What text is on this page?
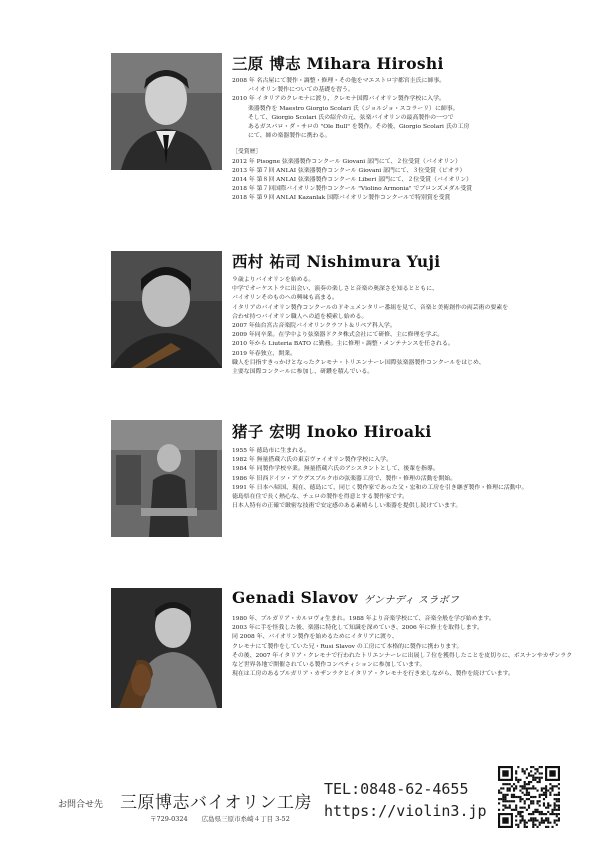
三原 博志 Mihara Hiroshi
2008 年 名古屋にて製作・調整・修理・その他をマエストロ宇都宮圭氏に師事。
バイオリン製作についての基礎を習う。
2010 年 イタリアのクレモナに渡り、クレモナ国際バイオリン製作学校に入学。
楽器製作を Maestro Giorgio Scolari 氏（ジョルジョ・スコラーリ）に師事。
そして、Giorgio Scolari 氏の紹介の元、弦楽バイオリンの最高製作の一つで
あるガスパロ・ダ・サロの "Ole Bull" を製作。その後、Giorgio Scolari 氏の工房
にて、師の楽器製作に携わる。
［受賞歴］
2012 年 Pisogne 弦楽器製作コンクール Giovani 部門にて、２位受賞（バイオリン）
2013 年 第７回 ANLAI 弦楽器製作コンクール Giovani 部門にて、３位受賞（ビオラ）
2014 年 第８回 ANLAI 弦楽器製作コンクール Liberi 部門にて、２位受賞（バイオリン）
2018 年 第７回国際バイオリン製作コンクール "Violino Armonia" でブロンズメダル受賞
2018 年 第９回 ANLAI Kazanlak 国際バイオリン製作コンクールで特別賞を受賞
西村 祐司 Nishimura Yuji
９歳よりバイオリンを始める。
中学でオーケストラに出会い、演奏の楽しさと音楽の奥深さを知るとともに、
バイオリンそのものへの興味も高まる。
イタリアのバイオリン製作コンクールのドキュメンタリー番組を見て、音楽と美術創作の両芸術の要素を
合わせ持つバイオリン職人への道を模索し始める。
2007 年仙台宮古音楽院バイオリンクラフト＆リペア科入学。
2009 年同卒業。在学中より弦楽器ドクタ株式会社にて研修、主に修理を学ぶ。
2010 年から Liuteria BATO に勤務。主に修理・調整・メンテナンスを任される。
2019 年春独立、開業。
職人を目指すきっかけとなったクレモナ・トリエンナーレ国際弦楽器製作コンクールをはじめ、
主要な国際コンクールに参加し、研鑽を積んでいる。
猪子 宏明 Inoko Hiroaki
1955 年 徳島市に生まれる。
1982 年 無量搭蔵六氏の東京ヴァイオリン製作学校に入学。
1984 年 同製作学校卒業。無量搭蔵六氏のアシスタントとして、後輩を指導。
1986 年 旧西ドイツ・アウグスブルク市の弦楽器工房で、製作・修理の活動を開始。
1991 年 日本へ帰国、現在、徳島にて、同じく製作家であった父・宏和の工房を引き継ぎ製作・修理に活動中。
徳島県在住で長く熱心な、チェロの製作を得意とする製作家です。
日本人特有の正確で緻密な技術で安定感のある素晴らしい楽器を提供し続けています。
Genadi Slavov ゲンナディ スラボフ
1980 年、ブルガリア・カルロヴォ生まれ。1988 年より音楽学校にて、音楽全般を学び始めます。
2003 年に手を怪我した後、楽器に特化して知識を深めていき、2006 年に修士を取得します。
同 2008 年、バイオリン製作を始めるためにイタリアに渡り、
クレモナにて製作をしていた兄・Rusi Slavov の工房にて本格的に製作に携わります。
その後、2007 年イタリア・クレモナで行われたトリエンナーレに出展し７位を獲得したことを皮切りに、ボスナンやカザンラク
など世界各地で開催されている製作コンペティションに参加しています。
現在は工房のあるブルガリア・カザンラクとイタリア・クレモナを行き来しながら、製作を続けています。
お問合せ先 三原博志バイオリン工房
〒729-0324 広島県三原市糸崎４丁目 3-52
TEL:0848-62-4655
https://violin3.jp
